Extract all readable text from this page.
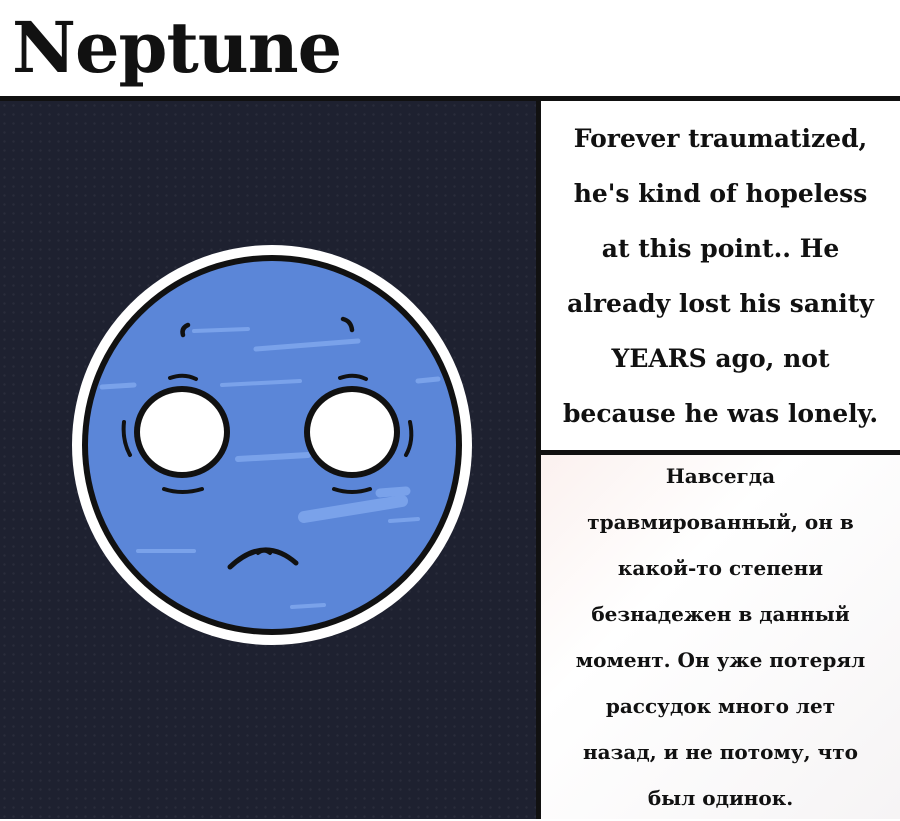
Neptune

Forever traumatized,
he's kind of hopeless
at this point.. He
already lost his sanity
YEARS ago, not
because he was lonely.

Навсегда
травмированный, он в
какой-то степени
безнадежен в данный
момент. Он уже потерял
рассудок много лет
назад, и не потому, что
был одинок.
